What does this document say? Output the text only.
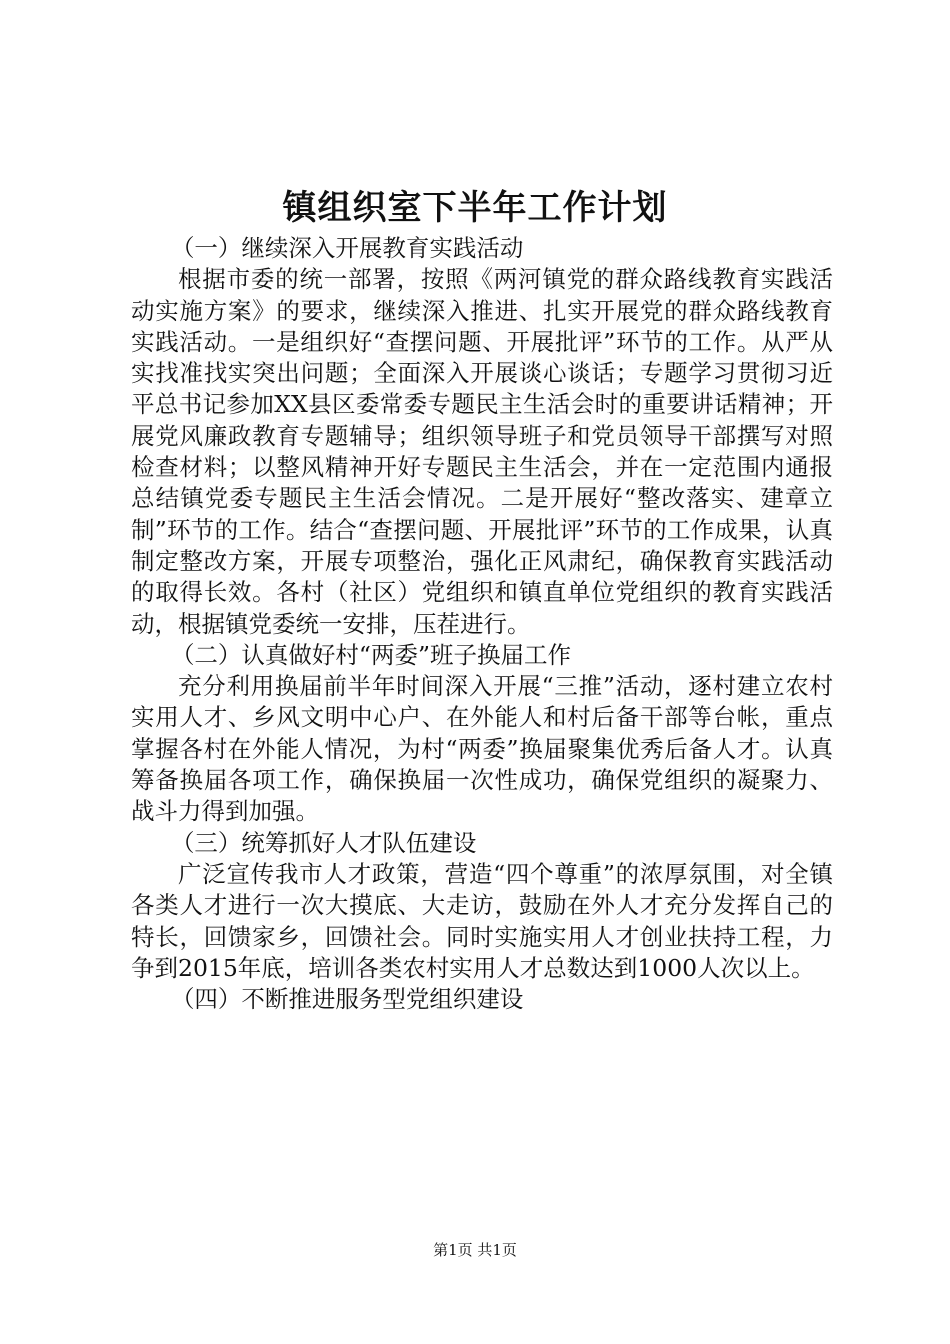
镇组织室下半年工作计划

（一）继续深入开展教育实践活动

根据市委的统一部署，按照《两河镇党的群众路线教育实践活动实施方案》的要求，继续深入推进、扎实开展党的群众路线教育实践活动。一是组织好“查摆问题、开展批评”环节的工作。从严从实找准找实突出问题；全面深入开展谈心谈话；专题学习贯彻习近平总书记参加XX县区委常委专题民主生活会时的重要讲话精神；开展党风廉政教育专题辅导；组织领导班子和党员领导干部撰写对照检查材料；以整风精神开好专题民主生活会，并在一定范围内通报总结镇党委专题民主生活会情况。二是开展好“整改落实、建章立制”环节的工作。结合“查摆问题、开展批评”环节的工作成果，认真制定整改方案，开展专项整治，强化正风肃纪，确保教育实践活动的取得长效。各村（社区）党组织和镇直单位党组织的教育实践活动，根据镇党委统一安排，压茬进行。

（二）认真做好村“两委”班子换届工作

充分利用换届前半年时间深入开展“三推”活动，逐村建立农村实用人才、乡风文明中心户、在外能人和村后备干部等台帐，重点掌握各村在外能人情况，为村“两委”换届聚集优秀后备人才。认真筹备换届各项工作，确保换届一次性成功，确保党组织的凝聚力、战斗力得到加强。

（三）统筹抓好人才队伍建设

广泛宣传我市人才政策，营造“四个尊重”的浓厚氛围，对全镇各类人才进行一次大摸底、大走访，鼓励在外人才充分发挥自己的特长，回馈家乡，回馈社会。同时实施实用人才创业扶持工程，力争到2015年底，培训各类农村实用人才总数达到1000人次以上。

（四）不断推进服务型党组织建设

第1页 共1页
